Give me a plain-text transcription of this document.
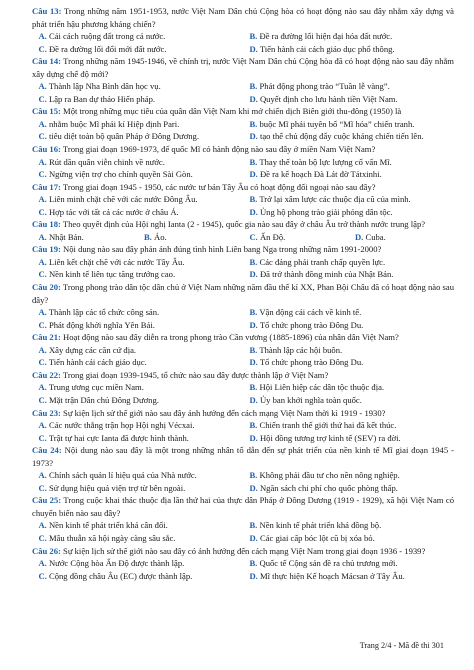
Câu 13: Trong những năm 1951-1953, nước Việt Nam Dân chủ Cộng hòa có hoạt động nào sau đây nhằm xây dựng và phát triển hậu phương kháng chiến?
A. Cải cách ruộng đất trong cả nước.	B. Đề ra đường lối hiện đại hóa đất nước.
C. Đề ra đường lối đổi mới đất nước.	D. Tiến hành cải cách giáo dục phổ thông.
Câu 14: Trong những năm 1945-1946, về chính trị, nước Việt Nam Dân chủ Cộng hòa đã có hoạt động nào sau đây nhằm xây dựng chế độ mới?
A. Thành lập Nha Bình dân học vụ.	B. Phát động phong trào “Tuần lễ vàng”.
C. Lập ra Ban dự thảo Hiến pháp.	D. Quyết định cho lưu hành tiền Việt Nam.
Câu 15: Một trong những mục tiêu của quân dân Việt Nam khi mở chiến dịch Biên giới thu-đông (1950) là
A. nhằm buộc Mĩ phải kí Hiệp định Pari.	B. buộc Mĩ phải tuyên bố “Mĩ hóa” chiến tranh.
C. tiêu diệt toàn bộ quân Pháp ở Đông Dương.	D. tạo thế chủ động đẩy cuộc kháng chiến tiến lên.
Câu 16: Trong giai đoạn 1969-1973, để quốc Mĩ có hành động nào sau đây ở miền Nam Việt Nam?
A. Rút dần quân viễn chinh về nước.	B. Thay thế toàn bộ lực lượng cố vấn Mĩ.
C. Ngừng viện trợ cho chính quyền Sài Gòn.	D. Đề ra kế hoạch Đà Lát đờ Tátxinhi.
Câu 17: Trong giai đoạn 1945 - 1950, các nước tư bản Tây Âu có hoạt động đối ngoại nào sau đây?
A. Liên minh chặt chẽ với các nước Đông Âu.	B. Trở lại xâm lược các thuộc địa cũ của mình.
C. Hợp tác với tất cả các nước ở châu Á.	D. Ủng hộ phong trào giải phóng dân tộc.
Câu 18: Theo quyết định của Hội nghị Ianta (2 - 1945), quốc gia nào sau đây ở châu Âu trở thành nước trung lập?
A. Nhật Bản.	B. Áo.	C. Ấn Độ.	D. Cuba.
Câu 19: Nội dung nào sau đây phản ánh đúng tình hình Liên bang Nga trong những năm 1991-2000?
A. Liên kết chặt chẽ với các nước Tây Âu.	B. Các đảng phái tranh chấp quyền lực.
C. Nền kinh tế liên tục tăng trưởng cao.	D. Đã trở thành đồng minh của Nhật Bản.
Câu 20: Trong phong trào dân tộc dân chủ ở Việt Nam những năm đầu thế kỉ XX, Phan Bội Châu đã có hoạt động nào sau đây?
A. Thành lập các tổ chức công sản.	B. Vận động cải cách về kinh tế.
C. Phát động khởi nghĩa Yên Bái.	D. Tổ chức phong trào Đông Du.
Câu 21: Hoạt động nào sau đây diễn ra trong phong trào Cần vương (1885-1896) của nhân dân Việt Nam?
A. Xây dựng các căn cứ địa.	B. Thành lập các hội buôn.
C. Tiến hành cải cách giáo dục.	D. Tổ chức phong trào Đông Du.
Câu 22: Trong giai đoạn 1939-1945, tổ chức nào sau đây được thành lập ở Việt Nam?
A. Trung ương cục miền Nam.	B. Hội Liên hiệp các dân tộc thuộc địa.
C. Mặt trận Dân chủ Đông Dương.	D. Ủy ban khởi nghĩa toàn quốc.
Câu 23: Sự kiện lịch sử thế giới nào sau đây ảnh hưởng đến cách mạng Việt Nam thời kì 1919 - 1930?
A. Các nước thắng trận họp Hội nghị Vécxai.	B. Chiến tranh thế giới thứ hai đã kết thúc.
C. Trật tự hai cực Ianta đã được hình thành.	D. Hội đồng tương trợ kinh tế (SEV) ra đời.
Câu 24: Nội dung nào sau đây là một trong những nhân tố dẫn đến sự phát triển của nền kinh tế Mĩ giai đoạn 1945 - 1973?
A. Chính sách quản lí hiệu quả của Nhà nước.	B. Không phải đầu tư cho nền nông nghiệp.
C. Sử dụng hiệu quả viện trợ từ bên ngoài.	D. Ngăn sách chi phí cho quốc phòng thấp.
Câu 25: Trong cuộc khai thác thuộc địa lần thứ hai của thực dân Pháp ở Đông Dương (1919 - 1929), xã hội Việt Nam có chuyển biến nào sau đây?
A. Nền kinh tế phát triển khá cân đối.	B. Nền kinh tế phát triển khá đồng bộ.
C. Mâu thuẫn xã hội ngày càng sâu sắc.	D. Các giai cấp bóc lột cũ bị xóa bỏ.
Câu 26: Sự kiện lịch sử thế giới nào sau đây có ảnh hưởng đến cách mạng Việt Nam trong giai đoạn 1936 - 1939?
A. Nước Cộng hòa Ấn Độ được thành lập.	B. Quốc tế Cộng sản đề ra chủ trương mới.
C. Cộng đồng châu Âu (EC) được thành lập.	D. Mĩ thực hiện Kế hoạch Mácsan ở Tây Âu.
Trang 2/4 - Mã đề thi 301
